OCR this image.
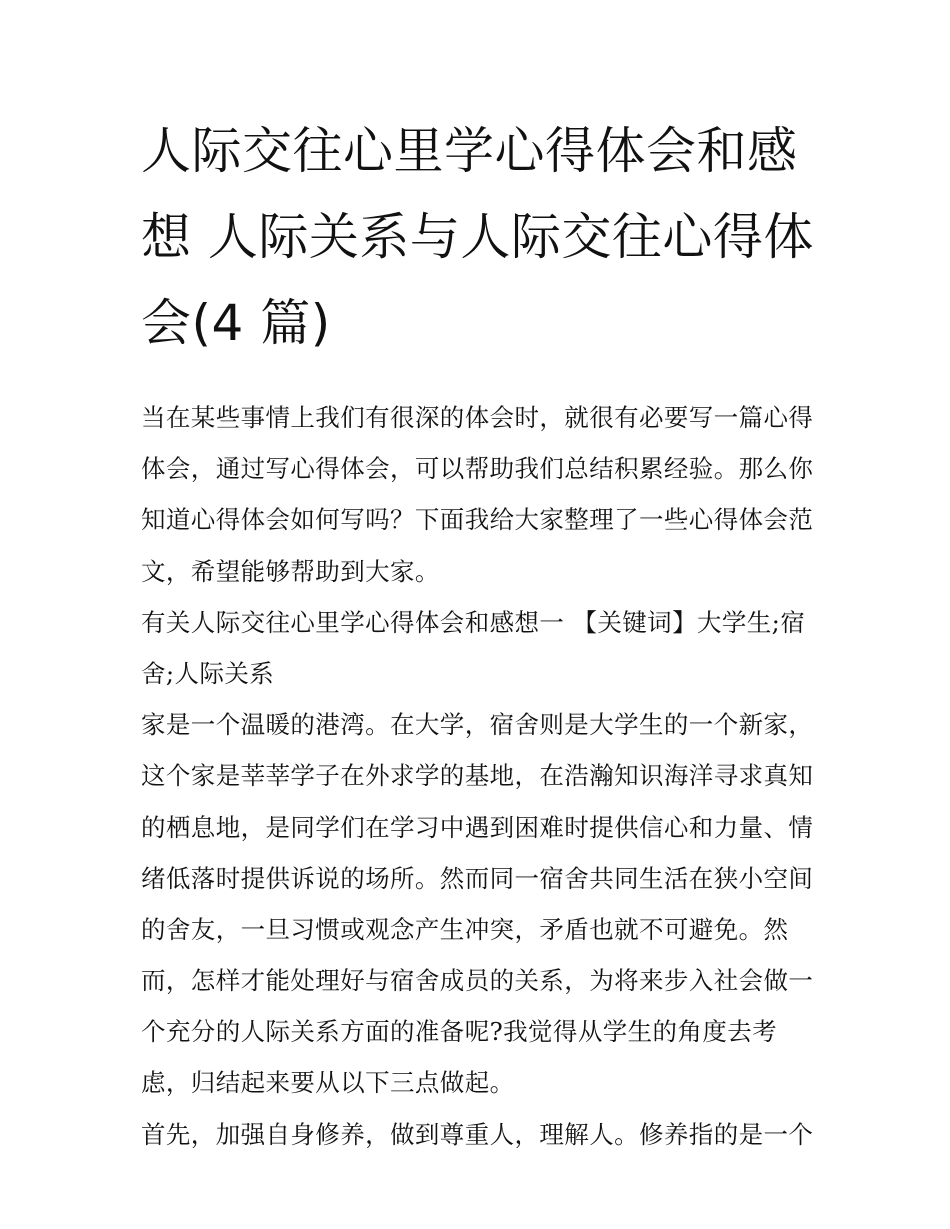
人际交往心里学心得体会和感
想 人际关系与人际交往心得体
会(4 篇)
当在某些事情上我们有很深的体会时，就很有必要写一篇心得
体会，通过写心得体会，可以帮助我们总结积累经验。那么你
知道心得体会如何写吗？下面我给大家整理了一些心得体会范
文，希望能够帮助到大家。
有关人际交往心里学心得体会和感想一 【关键词】大学生;宿
舍;人际关系
家是一个温暖的港湾。在大学，宿舍则是大学生的一个新家，
这个家是莘莘学子在外求学的基地，在浩瀚知识海洋寻求真知
的栖息地，是同学们在学习中遇到困难时提供信心和力量、情
绪低落时提供诉说的场所。然而同一宿舍共同生活在狭小空间
的舍友，一旦习惯或观念产生冲突，矛盾也就不可避免。然
而，怎样才能处理好与宿舍成员的关系，为将来步入社会做一
个充分的人际关系方面的准备呢?我觉得从学生的角度去考
虑，归结起来要从以下三点做起。
首先，加强自身修养，做到尊重人，理解人。修养指的是一个
